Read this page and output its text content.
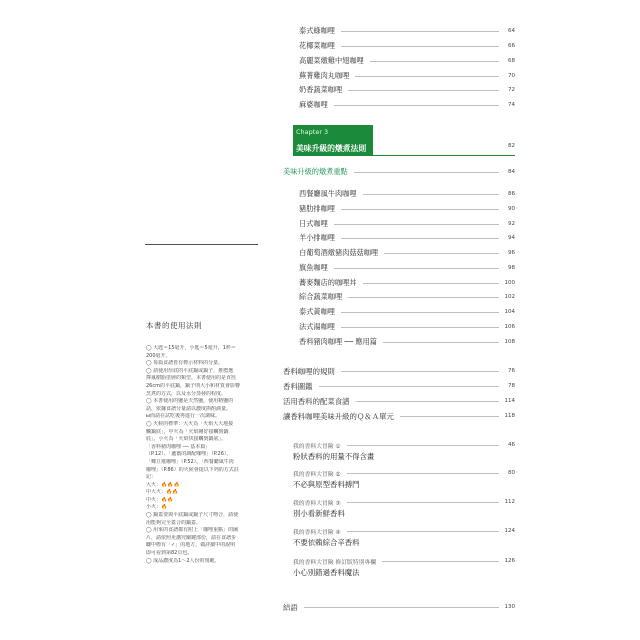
本書的使用法則
◯ 大匙＝15毫升，小匙＝5毫升，1杯＝
200毫升。
◯ 每篇食譜皆有標示材料的分量。
◯ 請使用厚底的平底鍋或鍋子，推薦選
擇氟樹脂塗層的類型。本書使用的是直徑
26cm的平底鍋，鍋子則大小和材質會影響
烹煮的方式，以及水分蒸發的程度。
◯ 本書使用的鹽是天然鹽，使用精鹽的
話，依據食譜分量請以濃度斟酌滴量。
ы而請在試吃後再進行一次調味。
◯ 火候的標準：大火為「火焰大大地接
觸鍋底」，中火為「火焰剛好接觸到鍋
底」，小火為「火焰快接觸到鍋底」。
「香料豬肉咖哩 ── 基本篇」
（P.12）、「蘆薑的調配咖哩」（P.26）、
「蝶豆蓮咖哩」（P.52）、「西餐廳風牛肉
咖哩」（P.86）的火候會提以下列的方式註
記：
大火：🔥🔥🔥
中大火：🔥🔥
中火：🔥🔥
小火：🔥
◯ 鍋蓋要與平底鍋或鍋子尺寸吻合，請使
用能夠完全蓋合的鍋蓋。
◯ 用來的食譜都有附上「咖哩重點」的圖
片，請依照更講究關鍵部份，請在食譜步
驟中標有「✓」的地方，做詳細中的說明
即可看到第82頁也。
◯ 成品濃度為1～2人份的規範。
Chapter 3
美味升級的燉煮法則	82
泰式綠咖哩	64
花椰菜咖哩	66
高麗菜燉雞中翅咖哩	68
蕪菁雞肉丸咖哩	70
奶香蔬菜咖哩	72
麻婆咖哩	74
美味升級的燉煮重點	84
西餐廳風牛肉咖哩	86
豬肋排咖哩	90
日式咖哩	92
羊小排咖哩	94
白葡萄酒燉豬肉菇菇咖哩	96
旗魚咖哩	98
蕎麥麵店的咖哩丼	100
綜合蔬菜咖哩	102
泰式黃咖哩	104
法式湯咖哩	106
香料豬肉咖哩 ── 應用篇	108
香料咖哩的規則	76
香料圖鑑	78
活用香料的配菜食譜	114
讓香料咖哩美味升級的Ｑ＆Ａ單元	118
我的香料大冒險 ①	46
粉狀香料的用量不得含畫
我的香料大冒險 ②	80
不必與原型香料搏鬥
我的香料大冒險 ③	112
別小看新鮮香料
我的香料大冒險 ④	124
不要依賴綜合辛香料
我的香料大冒險 修訂版特別專欄	126
小心別錯過香料魔法
結語	130
